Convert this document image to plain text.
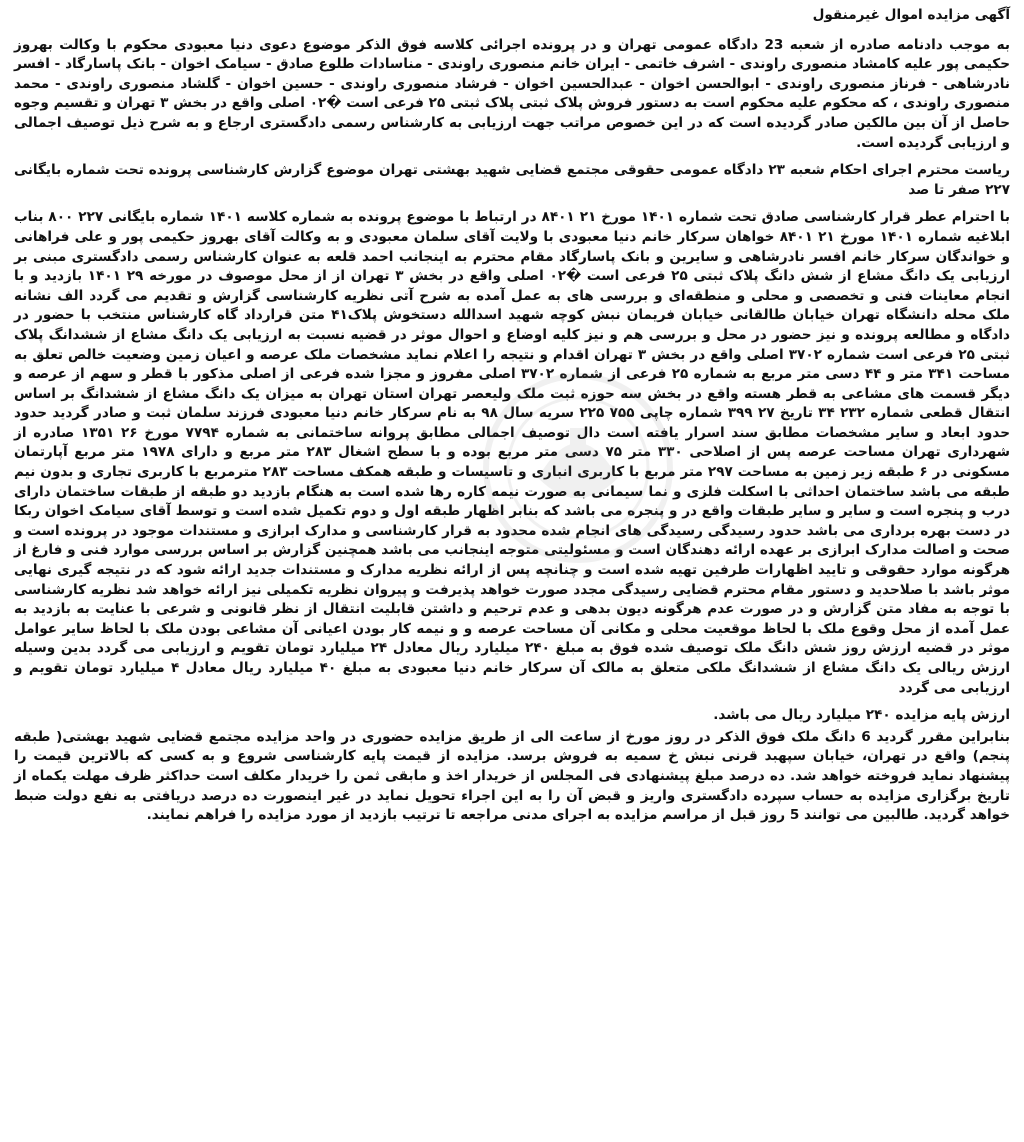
آگهی مزایده اموال غیرمنقول

به موجب دادنامه صادره از شعبه 23 دادگاه عمومی تهران و در پرونده اجرائی کلاسه فوق الذکر موضوع دعوی دنیا معبودی محکوم با وکالت بهروز حکیمی پور علیه کامشاد منصوری راوندی - اشرف خاتمی - ایران خانم منصوری راوندی - مناسادات طلوع صادق - سیامک اخوان - بانک پاسارگاد - افسر نادرشاهی - فرناز منصوری راوندی - ابوالحسن اخوان - عبدالحسین اخوان - فرشاد منصوری راوندی - حسین اخوان - گلشاد منصوری راوندی - محمد منصوری راوندی ، که محکوم علیه محکوم است به دستور فروش پلاک ثبتی پلاک ثبتی ۲۵ فرعی است �۰۲ اصلی واقع در بخش ۳ تهران و تقسیم وجوه حاصل از آن بین مالکین صادر گردیده است که در این خصوص مراتب جهت ارزیابی به کارشناس رسمی دادگستری ارجاع و به شرح ذیل توصیف اجمالی و ارزیابی گردیده است.

ریاست محترم اجرای احکام شعبه ۲۳ دادگاه عمومی حقوقی مجتمع قضایی شهید بهشتی تهران موضوع گزارش کارشناسی پرونده تحت شماره بایگانی ۲۲۷ صفر تا صد

با احترام عطر قرار کارشناسی صادق تحت شماره ۱۴۰۱ مورخ ۲۱ ۸۴۰۱ در ارتباط با موضوع پرونده به شماره کلاسه ۱۴۰۱ شماره بایگانی ۲۲۷ ۸۰۰ بناب ابلاغیه شماره ۱۴۰۱ مورخ ۲۱ ۸۴۰۱ خواهان سرکار خانم دنیا معبودی با ولایت آقای سلمان معبودی و به وکالت آقای بهروز حکیمی پور و علی فراهانی و خواندگان سرکار خانم افسر نادرشاهی و سایرین و بانک پاسارگاد مقام محترم به اینجانب احمد قلعه به عنوان کارشناس رسمی دادگستری مبنی بر ارزیابی یک دانگ مشاع از شش دانگ پلاک ثبتی ۲۵ فرعی است �۰۲ اصلی واقع در بخش ۳ تهران از از محل موصوف در مورخه ۲۹ ۱۴۰۱ بازدید و با انجام معاینات فنی و تخصصی و محلی و منطقه‌ای و بررسی های به عمل آمده به شرح آتی نظریه کارشناسی گزارش و تقدیم می گردد الف نشانه ملک محله دانشگاه تهران خیابان طالقانی خیابان فریمان نبش کوچه شهید اسدالله دستخوش پلاک۴۱ متن قرارداد گاه کارشناس منتخب با حضور در دادگاه و مطالعه پرونده و نیز حضور در محل و بررسی هم و نیز کلیه اوضاع و احوال موثر در قضیه نسبت به ارزیابی یک دانگ مشاع از ششدانگ پلاک ثبتی ۲۵ فرعی است شماره ۳۷۰۲ اصلی واقع در بخش ۳ تهران اقدام و نتیجه را اعلام نماید مشخصات ملک عرصه و اعیان زمین وضعیت خالص تعلق به مساحت ۳۴۱ متر و ۴۴ دسی متر مربع به شماره ۲۵ فرعی از شماره ۳۷۰۲ اصلی مفروز و مجزا شده فرعی از اصلی مذکور با قطر و سهم از عرصه و دیگر قسمت های مشاعی به قطر هسته واقع در بخش سه حوزه ثبت ملک ولیعصر تهران استان تهران به میزان یک دانگ مشاع از ششدانگ بر اساس انتقال قطعی شماره ۲۳۲ ۳۴ تاریخ ۲۷ ۳۹۹ شماره چاپی ۷۵۵ ۲۲۵ سریه سال ۹۸ به نام سرکار خانم دنیا معبودی فرزند سلمان ثبت و صادر گردید حدود حدود ابعاد و سایر مشخصات مطابق سند اسرار یافته است دال توصیف اجمالی مطابق پروانه ساختمانی به شماره ۷۷۹۴ مورخ ۲۶ ۱۳۵۱ صادره از شهرداری تهران مساحت عرصه پس از اصلاحی ۳۳۰ متر ۷۵ دسی متر مربع بوده و با سطح اشغال ۲۸۳ متر مربع و دارای ۱۹۷۸ متر مربع آپارتمان مسکونی در ۶ طبقه زیر زمین به مساحت ۲۹۷ متر مربع با کاربری انباری و تاسیسات و طبقه همکف مساحت ۲۸۳ مترمربع با کاربری تجاری و بدون نیم طبقه می باشد ساختمان احداثی با اسکلت فلزی و نما سیمانی به صورت نیمه کاره رها شده است به هنگام بازدید دو طبقه از طبقات ساختمان دارای درب و پنجره است و سایر و سایر طبقات واقع در و پنجره می باشد که بنابر اظهار طبقه اول و دوم تکمیل شده است و توسط آقای سیامک اخوان ربکا در دست بهره برداری می باشد حدود رسیدگی رسیدگی های انجام شده محدود به قرار کارشناسی و مدارک ابرازی و مستندات موجود در پرونده است و صحت و اصالت مدارک ابرازی بر عهده ارائه دهندگان است و مسئولیتی متوجه اینجانب می باشد همچنین گزارش بر اساس بررسی موارد فنی و فارغ از هرگونه موارد حقوقی و تایید اظهارات طرفین تهیه شده است و چنانچه پس از ارائه نظریه مدارک و مستندات جدید ارائه شود که در نتیجه گیری نهایی موثر باشد با صلاحدید و دستور مقام محترم قضایی رسیدگی مجدد صورت خواهد پذیرفت و پیروان نظریه تکمیلی نیز ارائه خواهد شد نظریه کارشناسی با توجه به مفاد متن گزارش و در صورت عدم هرگونه دیون بدهی و عدم ترحیم و داشتن قابلیت انتقال از نظر قانونی و شرعی با عنایت به بازدید به عمل آمده از محل وقوع ملک با لحاظ موقعیت محلی و مکانی آن مساحت عرصه و و نیمه کار بودن اعیانی آن مشاعی بودن ملک با لحاظ سایر عوامل موثر در قضیه ارزش روز شش دانگ ملک توصیف شده فوق به مبلغ ۲۴۰ میلیارد ریال معادل ۲۴ میلیارد تومان تقویم و ارزیابی می گردد بدین وسیله ارزش ریالی یک دانگ مشاع از ششدانگ ملکی متعلق به مالک آن سرکار خانم دنیا معبودی به مبلغ ۴۰ میلیارد ریال معادل ۴ میلیارد تومان تقویم و ارزیابی می گردد

ارزش پایه مزایده ۲۴۰ میلیارد ریال می باشد.

بنابراین مقرر گردید 6 دانگ ملک فوق الذکر در روز مورخ از ساعت الی از طریق مزایده حضوری در واحد مزایده مجتمع قضایی شهید بهشتی( طبقه پنجم) واقع در تهران، خیابان سپهبد قرنی نبش خ سمیه به فروش برسد. مزایده از قیمت پایه کارشناسی شروع و به کسی که بالاترین قیمت را پیشنهاد نماید فروخته خواهد شد. ده درصد مبلغ پیشنهادی فی المجلس از خریدار اخذ و مابقی ثمن را خریدار مکلف است حداکثر ظرف مهلت یکماه از تاریخ برگزاری مزایده به حساب سپرده دادگستری واریز و قبض آن را به این اجراء تحویل نماید در غیر اینصورت ده درصد دریافتی به نفع دولت ضبط خواهد گردید. طالبین می توانند 5 روز قبل از مراسم مزایده به اجرای مدنی مراجعه تا ترتیب بازدید از مورد مزایده را فراهم نمایند.
